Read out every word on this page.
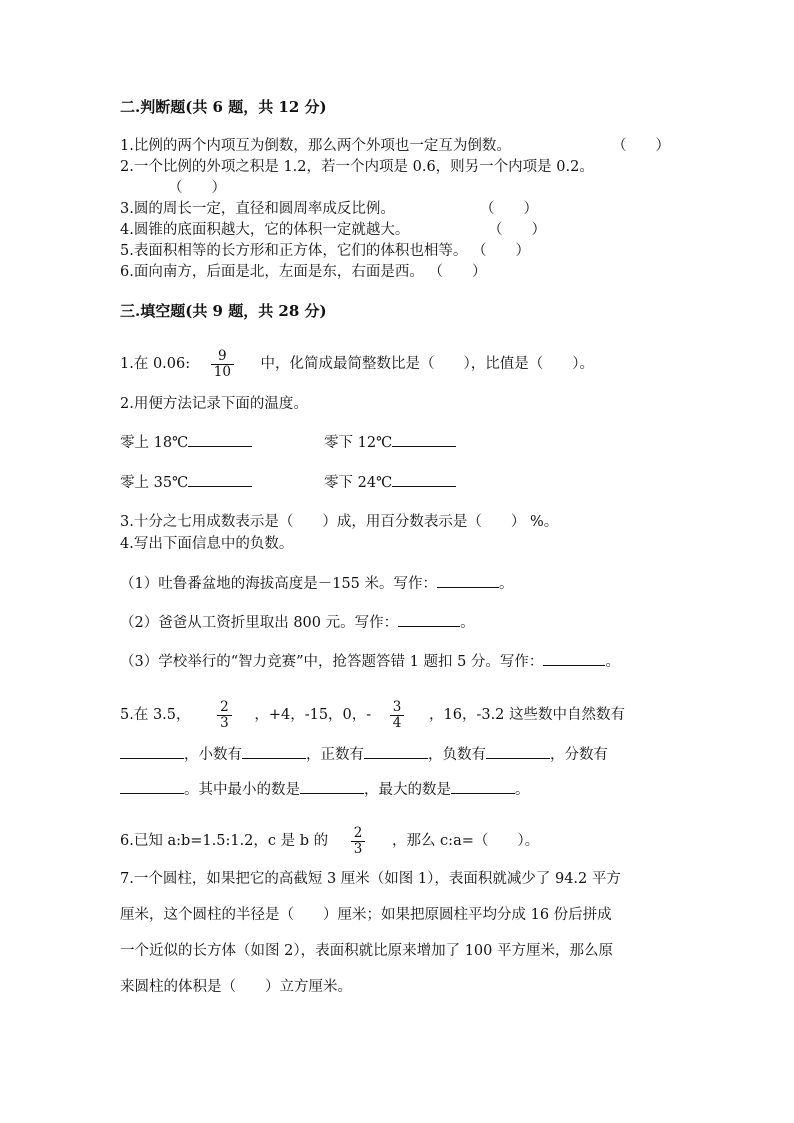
二.判断题(共 6 题，共 12 分)
1.比例的两个内项互为倒数，那么两个外项也一定互为倒数。	（　　）
2.一个比例的外项之积是 1.2，若一个内项是 0.6，则另一个内项是 0.2。
（　　）
3.圆的周长一定，直径和圆周率成反比例。	（　　）
4.圆锥的底面积越大，它的体积一定就越大。	（　　）
5.表面积相等的长方形和正方体，它们的体积也相等。 （　　）
6.面向南方，后面是北，左面是东，右面是西。 （　　）
三.填空题(共 9 题，共 28 分)
1.在 0.06: $\frac{9}{10}$ 中，化简成最简整数比是（　　），比值是（　　）。
2.用便方法记录下面的温度。
零上 18℃	零下 12℃
零上 35℃	零下 24℃
3.十分之七用成数表示是（　　）成，用百分数表示是（　　） %。
4.写出下面信息中的负数。
（1）吐鲁番盆地的海拔高度是－155 米。写作：	。
（2）爸爸从工资折里取出 800 元。写作：	。
（3）学校举行的“智力竞赛”中，抢答题答错 1 题扣 5 分。写作：	。
5.在 3.5， $\frac{2}{3}$ ，+4，-15，0，- $\frac{3}{4}$ ，16，-3.2 这些数中自然数有
，小数有	，正数有	，负数有	，分数有
。其中最小的数是	，最大的数是	。
6.已知 a:b=1.5:1.2，c 是 b 的 $\frac{2}{3}$ ，那么 c:a=（　　）。
7.一个圆柱，如果把它的高截短 3 厘米（如图 1），表面积就减少了 94.2 平方
厘米，这个圆柱的半径是（　　）厘米；如果把原圆柱平均分成 16 份后拼成
一个近似的长方体（如图 2），表面积就比原来增加了 100 平方厘米，那么原
来圆柱的体积是（　　）立方厘米。
